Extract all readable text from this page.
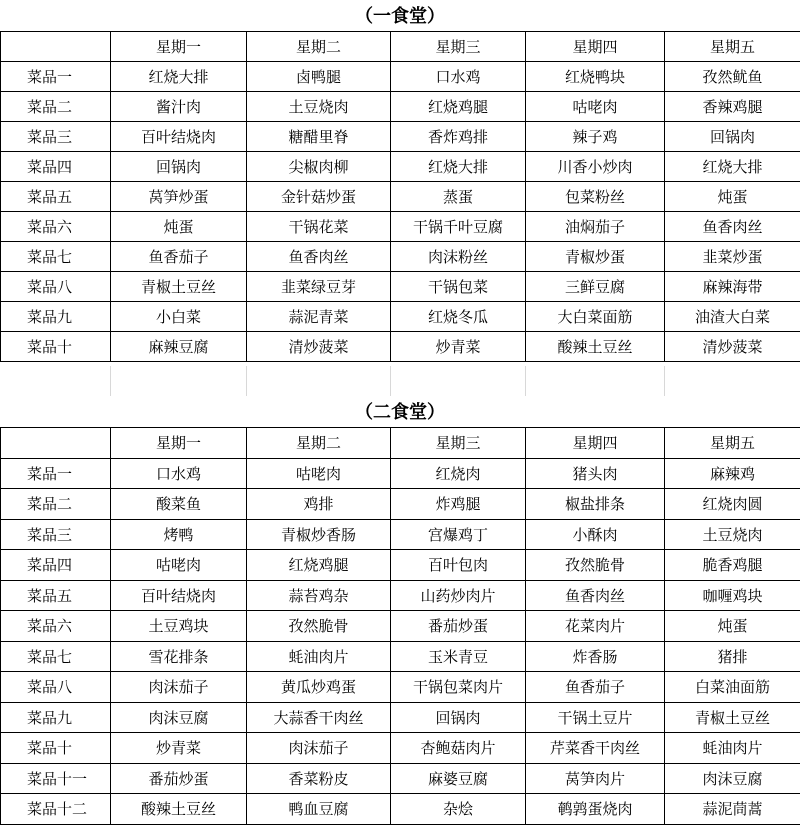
（一食堂）
	星期一	星期二	星期三	星期四	星期五
菜品一	红烧大排	卤鸭腿	口水鸡	红烧鸭块	孜然鱿鱼
菜品二	酱汁肉	土豆烧肉	红烧鸡腿	咕咾肉	香辣鸡腿
菜品三	百叶结烧肉	糖醋里脊	香炸鸡排	辣子鸡	回锅肉
菜品四	回锅肉	尖椒肉柳	红烧大排	川香小炒肉	红烧大排
菜品五	莴笋炒蛋	金针菇炒蛋	蒸蛋	包菜粉丝	炖蛋
菜品六	炖蛋	干锅花菜	干锅千叶豆腐	油焖茄子	鱼香肉丝
菜品七	鱼香茄子	鱼香肉丝	肉沫粉丝	青椒炒蛋	韭菜炒蛋
菜品八	青椒土豆丝	韭菜绿豆芽	干锅包菜	三鲜豆腐	麻辣海带
菜品九	小白菜	蒜泥青菜	红烧冬瓜	大白菜面筋	油渣大白菜
菜品十	麻辣豆腐	清炒菠菜	炒青菜	酸辣土豆丝	清炒菠菜

（二食堂）
	星期一	星期二	星期三	星期四	星期五
菜品一	口水鸡	咕咾肉	红烧肉	猪头肉	麻辣鸡
菜品二	酸菜鱼	鸡排	炸鸡腿	椒盐排条	红烧肉圆
菜品三	烤鸭	青椒炒香肠	宫爆鸡丁	小酥肉	土豆烧肉
菜品四	咕咾肉	红烧鸡腿	百叶包肉	孜然脆骨	脆香鸡腿
菜品五	百叶结烧肉	蒜苔鸡杂	山药炒肉片	鱼香肉丝	咖喱鸡块
菜品六	土豆鸡块	孜然脆骨	番茄炒蛋	花菜肉片	炖蛋
菜品七	雪花排条	蚝油肉片	玉米青豆	炸香肠	猪排
菜品八	肉沫茄子	黄瓜炒鸡蛋	干锅包菜肉片	鱼香茄子	白菜油面筋
菜品九	肉沫豆腐	大蒜香干肉丝	回锅肉	干锅土豆片	青椒土豆丝
菜品十	炒青菜	肉沫茄子	杏鲍菇肉片	芹菜香干肉丝	蚝油肉片
菜品十一	番茄炒蛋	香菜粉皮	麻婆豆腐	莴笋肉片	肉沫豆腐
菜品十二	酸辣土豆丝	鸭血豆腐	杂烩	鹌鹑蛋烧肉	蒜泥茼蒿
